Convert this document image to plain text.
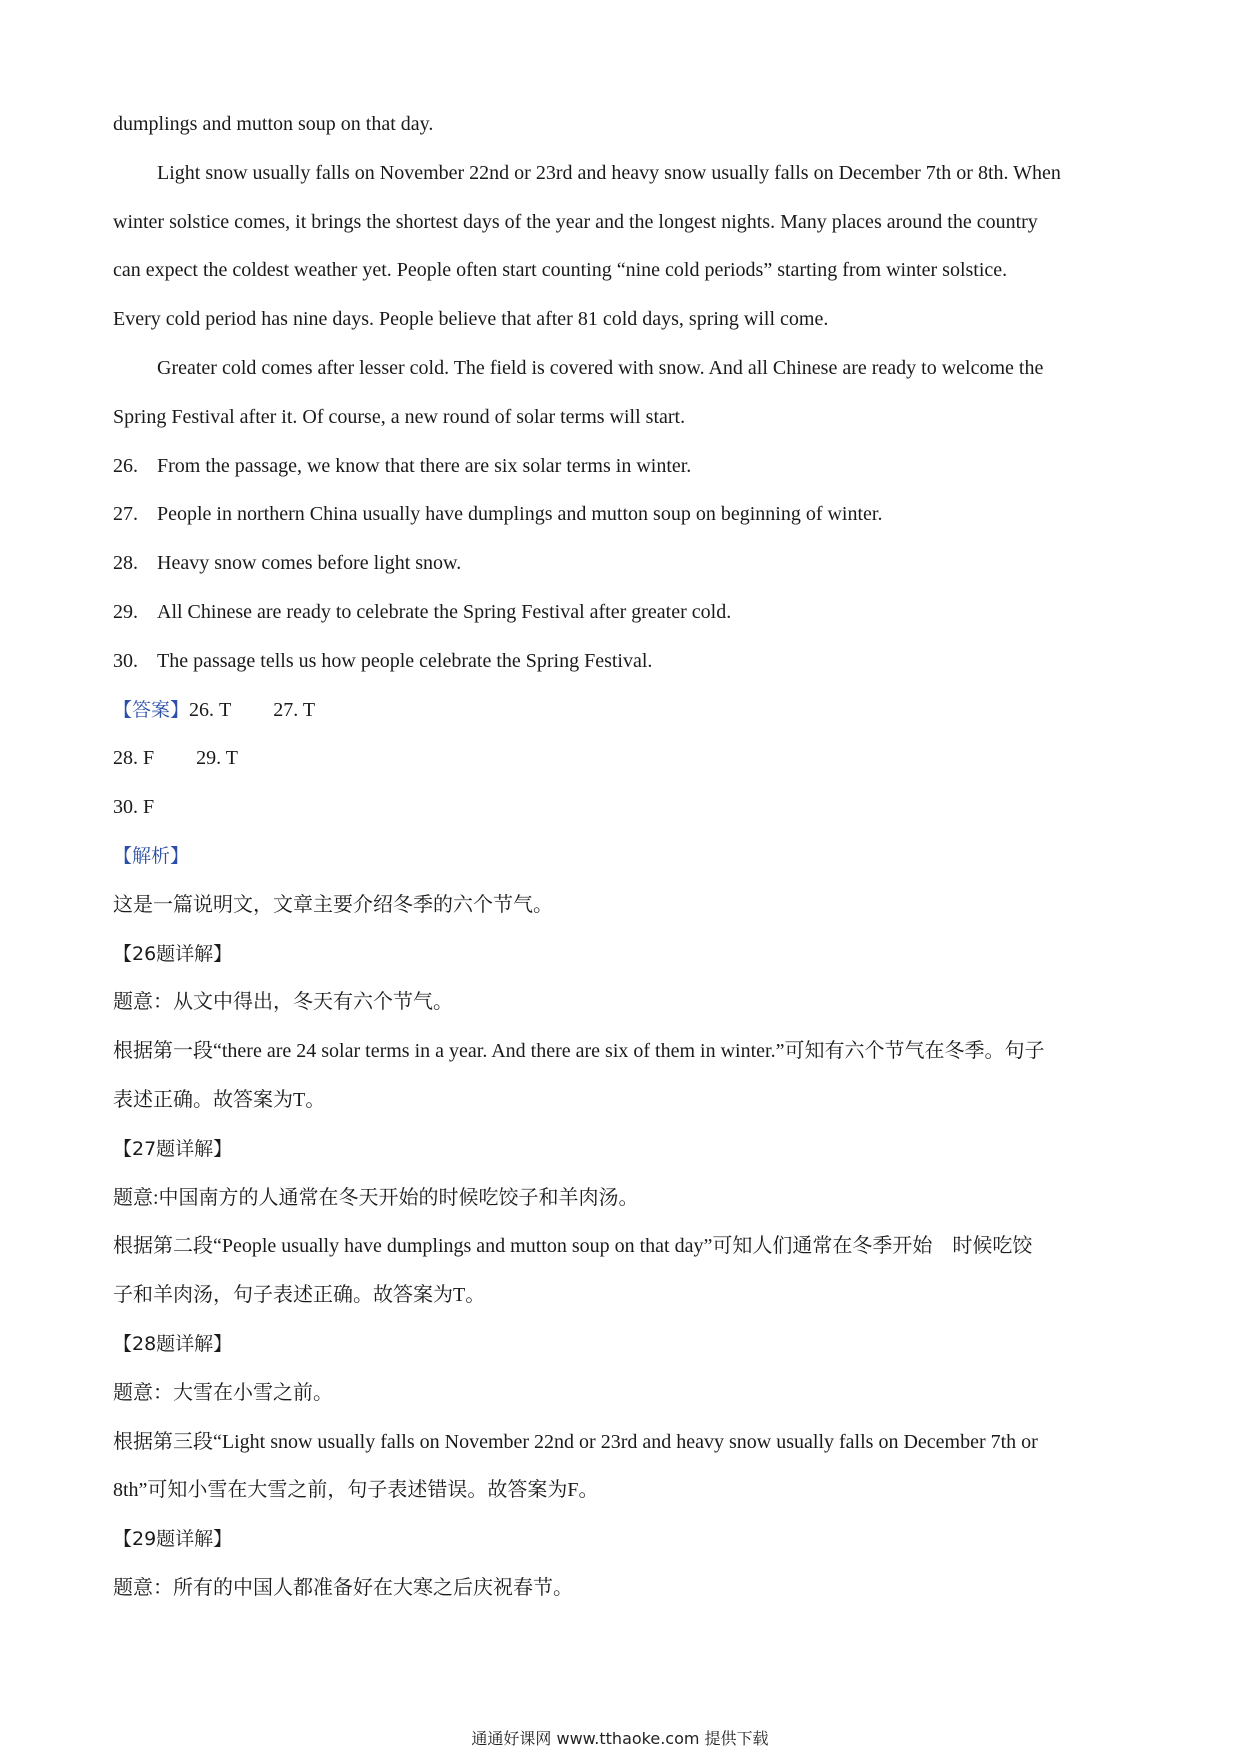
dumplings and mutton soup on that day.
Light snow usually falls on November 22nd or 23rd and heavy snow usually falls on December 7th or 8th. When
winter solstice comes, it brings the shortest days of the year and the longest nights. Many places around the country
can expect the coldest weather yet. People often start counting “nine cold periods” starting from winter solstice.
Every cold period has nine days. People believe that after 81 cold days, spring will come.
Greater cold comes after lesser cold. The field is covered with snow. And all Chinese are ready to welcome the
Spring Festival after it. Of course, a new round of solar terms will start.
26. From the passage, we know that there are six solar terms in winter.
27. People in northern China usually have dumplings and mutton soup on beginning of winter.
28. Heavy snow comes before light snow.
29. All Chinese are ready to celebrate the Spring Festival after greater cold.
30. The passage tells us how people celebrate the Spring Festival.
【答案】26. T 27. T
28. F 29. T
30. F
【解析】
这是一篇说明文，文章主要介绍冬季的六个节气。
【26题详解】
题意：从文中得出，冬天有六个节气。
根据第一段“there are 24 solar terms in a year. And there are six of them in winter.”可知有六个节气在冬季。句子
表述正确。故答案为T。
【27题详解】
题意:中国南方的人通常在冬天开始的时候吃饺子和羊肉汤。
根据第二段“People usually have dumplings and mutton soup on that day”可知人们通常在冬季开始　时候吃饺
子和羊肉汤，句子表述正确。故答案为T。
【28题详解】
题意：大雪在小雪之前。
根据第三段“Light snow usually falls on November 22nd or 23rd and heavy snow usually falls on December 7th or
8th”可知小雪在大雪之前，句子表述错误。故答案为F。
【29题详解】
题意：所有的中国人都准备好在大寒之后庆祝春节。
通通好课网 www.tthaoke.com 提供下载
